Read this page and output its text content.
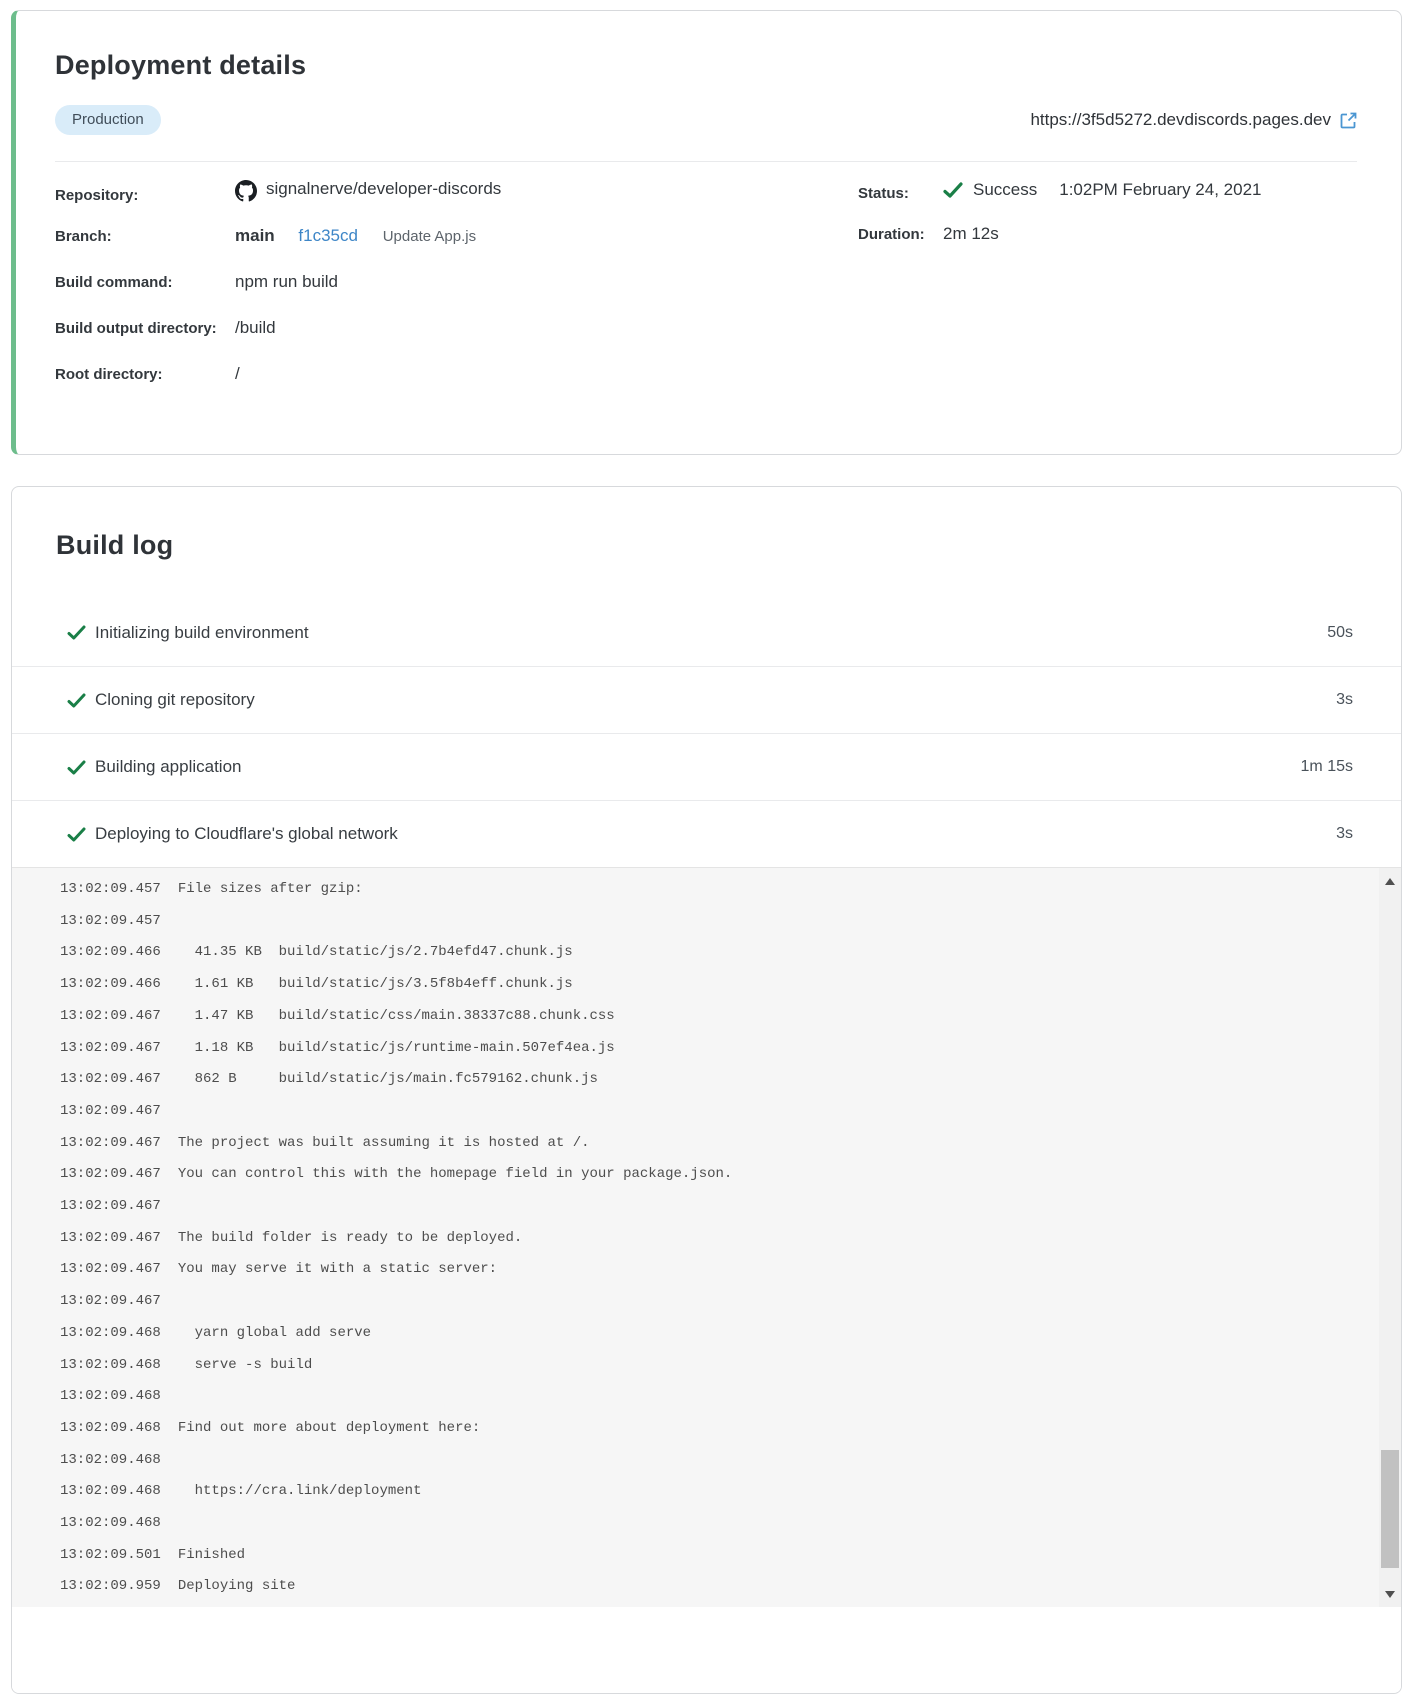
Deployment details
Production	https://3f5d5272.devdiscords.pages.dev
Repository:	signalnerve/developer-discords
Branch:	main f1c35cd Update App.js
Build command:	npm run build
Build output directory:	/build
Root directory:	/
Status:	Success 1:02PM February 24, 2021
Duration:	2m 12s
Build log
Initializing build environment	50s
Cloning git repository	3s
Building application	1m 15s
Deploying to Cloudflare's global network	3s
13:02:09.457 File sizes after gzip:
13:02:09.457
13:02:09.466 41.35 KB  build/static/js/2.7b4efd47.chunk.js
13:02:09.466 1.61 KB   build/static/js/3.5f8b4eff.chunk.js
13:02:09.467 1.47 KB   build/static/css/main.38337c88.chunk.css
13:02:09.467 1.18 KB   build/static/js/runtime-main.507ef4ea.js
13:02:09.467 862 B     build/static/js/main.fc579162.chunk.js
13:02:09.467
13:02:09.467 The project was built assuming it is hosted at /.
13:02:09.467 You can control this with the homepage field in your package.json.
13:02:09.467
13:02:09.467 The build folder is ready to be deployed.
13:02:09.467 You may serve it with a static server:
13:02:09.467
13:02:09.468 yarn global add serve
13:02:09.468 serve -s build
13:02:09.468
13:02:09.468 Find out more about deployment here:
13:02:09.468
13:02:09.468 https://cra.link/deployment
13:02:09.468
13:02:09.501 Finished
13:02:09.959 Deploying site
